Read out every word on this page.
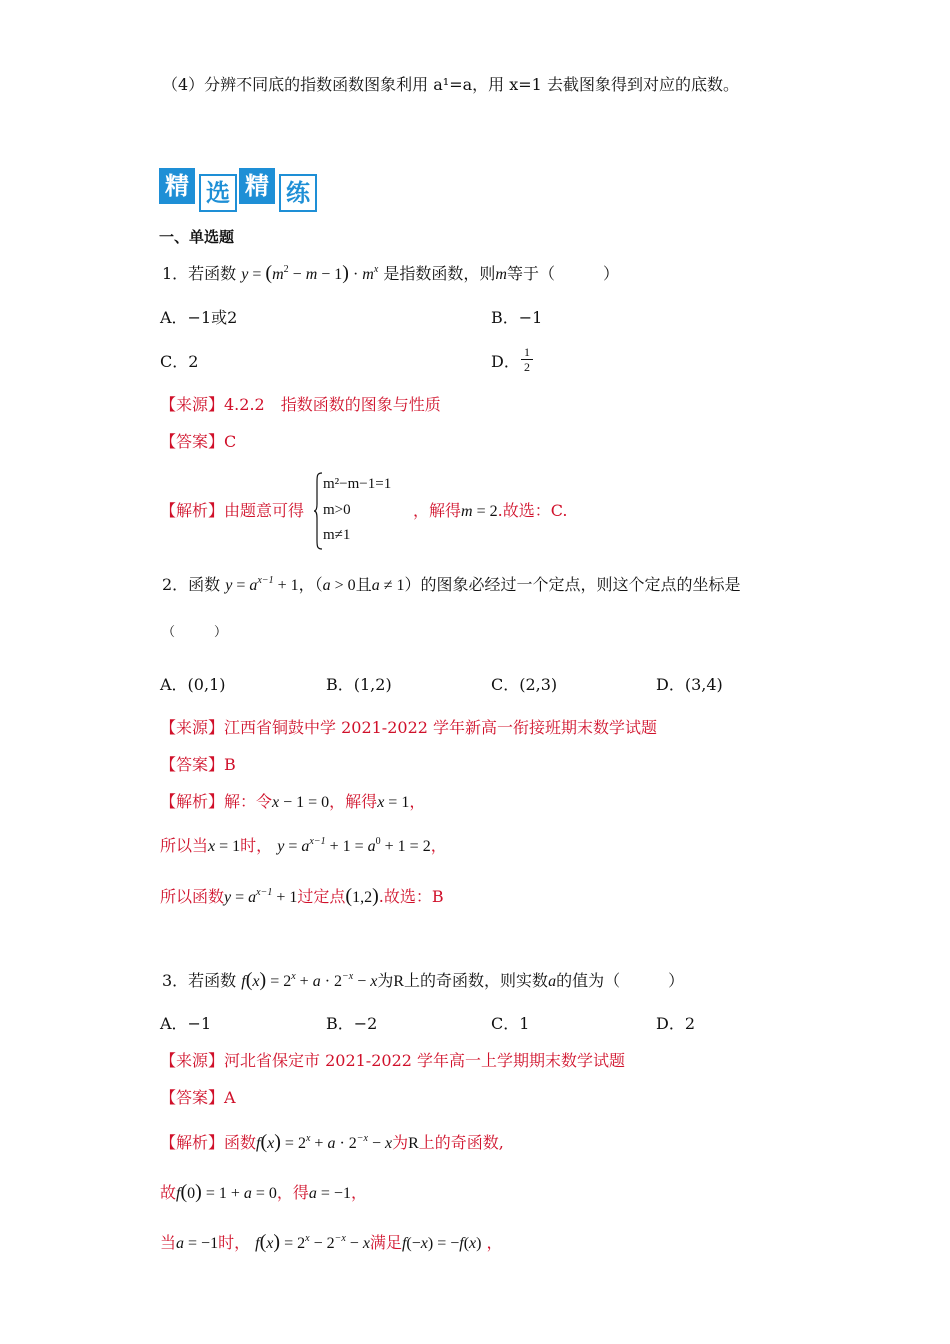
（4）分辨不同底的指数函数图象利用 a¹=a，用 x=1 去截图象得到对应的底数。
精 选 精 练
一、单选题
1．若函数 $y = (m^2 - m - 1) \cdot m^x$ 是指数函数，则m等于（　　　）
A．−1或2	B．−1
C．2	D． 1
2
【来源】4.2.2　指数函数的图象与性质
【答案】C
【解析】由题意可得
m²−m−1=1
m>0
m≠1
，解得m = 2.故选：C.
2．函数 $y = a^{x-1} + 1$，（a > 0且a ≠ 1）的图象必经过一个定点，则这个定点的坐标是
（　　　）
A．(0,1)	B．(1,2)	C．(2,3)	D．(3,4)
【来源】江西省铜鼓中学 2021-2022 学年新高一衔接班期末数学试题
【答案】B
【解析】解：令x − 1 = 0，解得x = 1，
所以当x = 1时， $y = a^{x-1} + 1 = a^0 + 1 = 2$，
所以函数$y = a^{x-1} + 1$过定点(1,2).故选：B
3．若函数 $f(x) = 2^x + a \cdot 2^{-x} - x$为R上的奇函数，则实数a的值为（　　　）
A．−1	B．−2	C．1	D．2
【来源】河北省保定市 2021-2022 学年高一上学期期末数学试题
【答案】A
【解析】函数$f(x) = 2^x + a \cdot 2^{-x} - x$为R上的奇函数,
故f(0) = 1 + a = 0，得a = −1，
当a = −1时， $f(x) = 2^x - 2^{-x} - x$满足f(−x) = −f(x) ，
